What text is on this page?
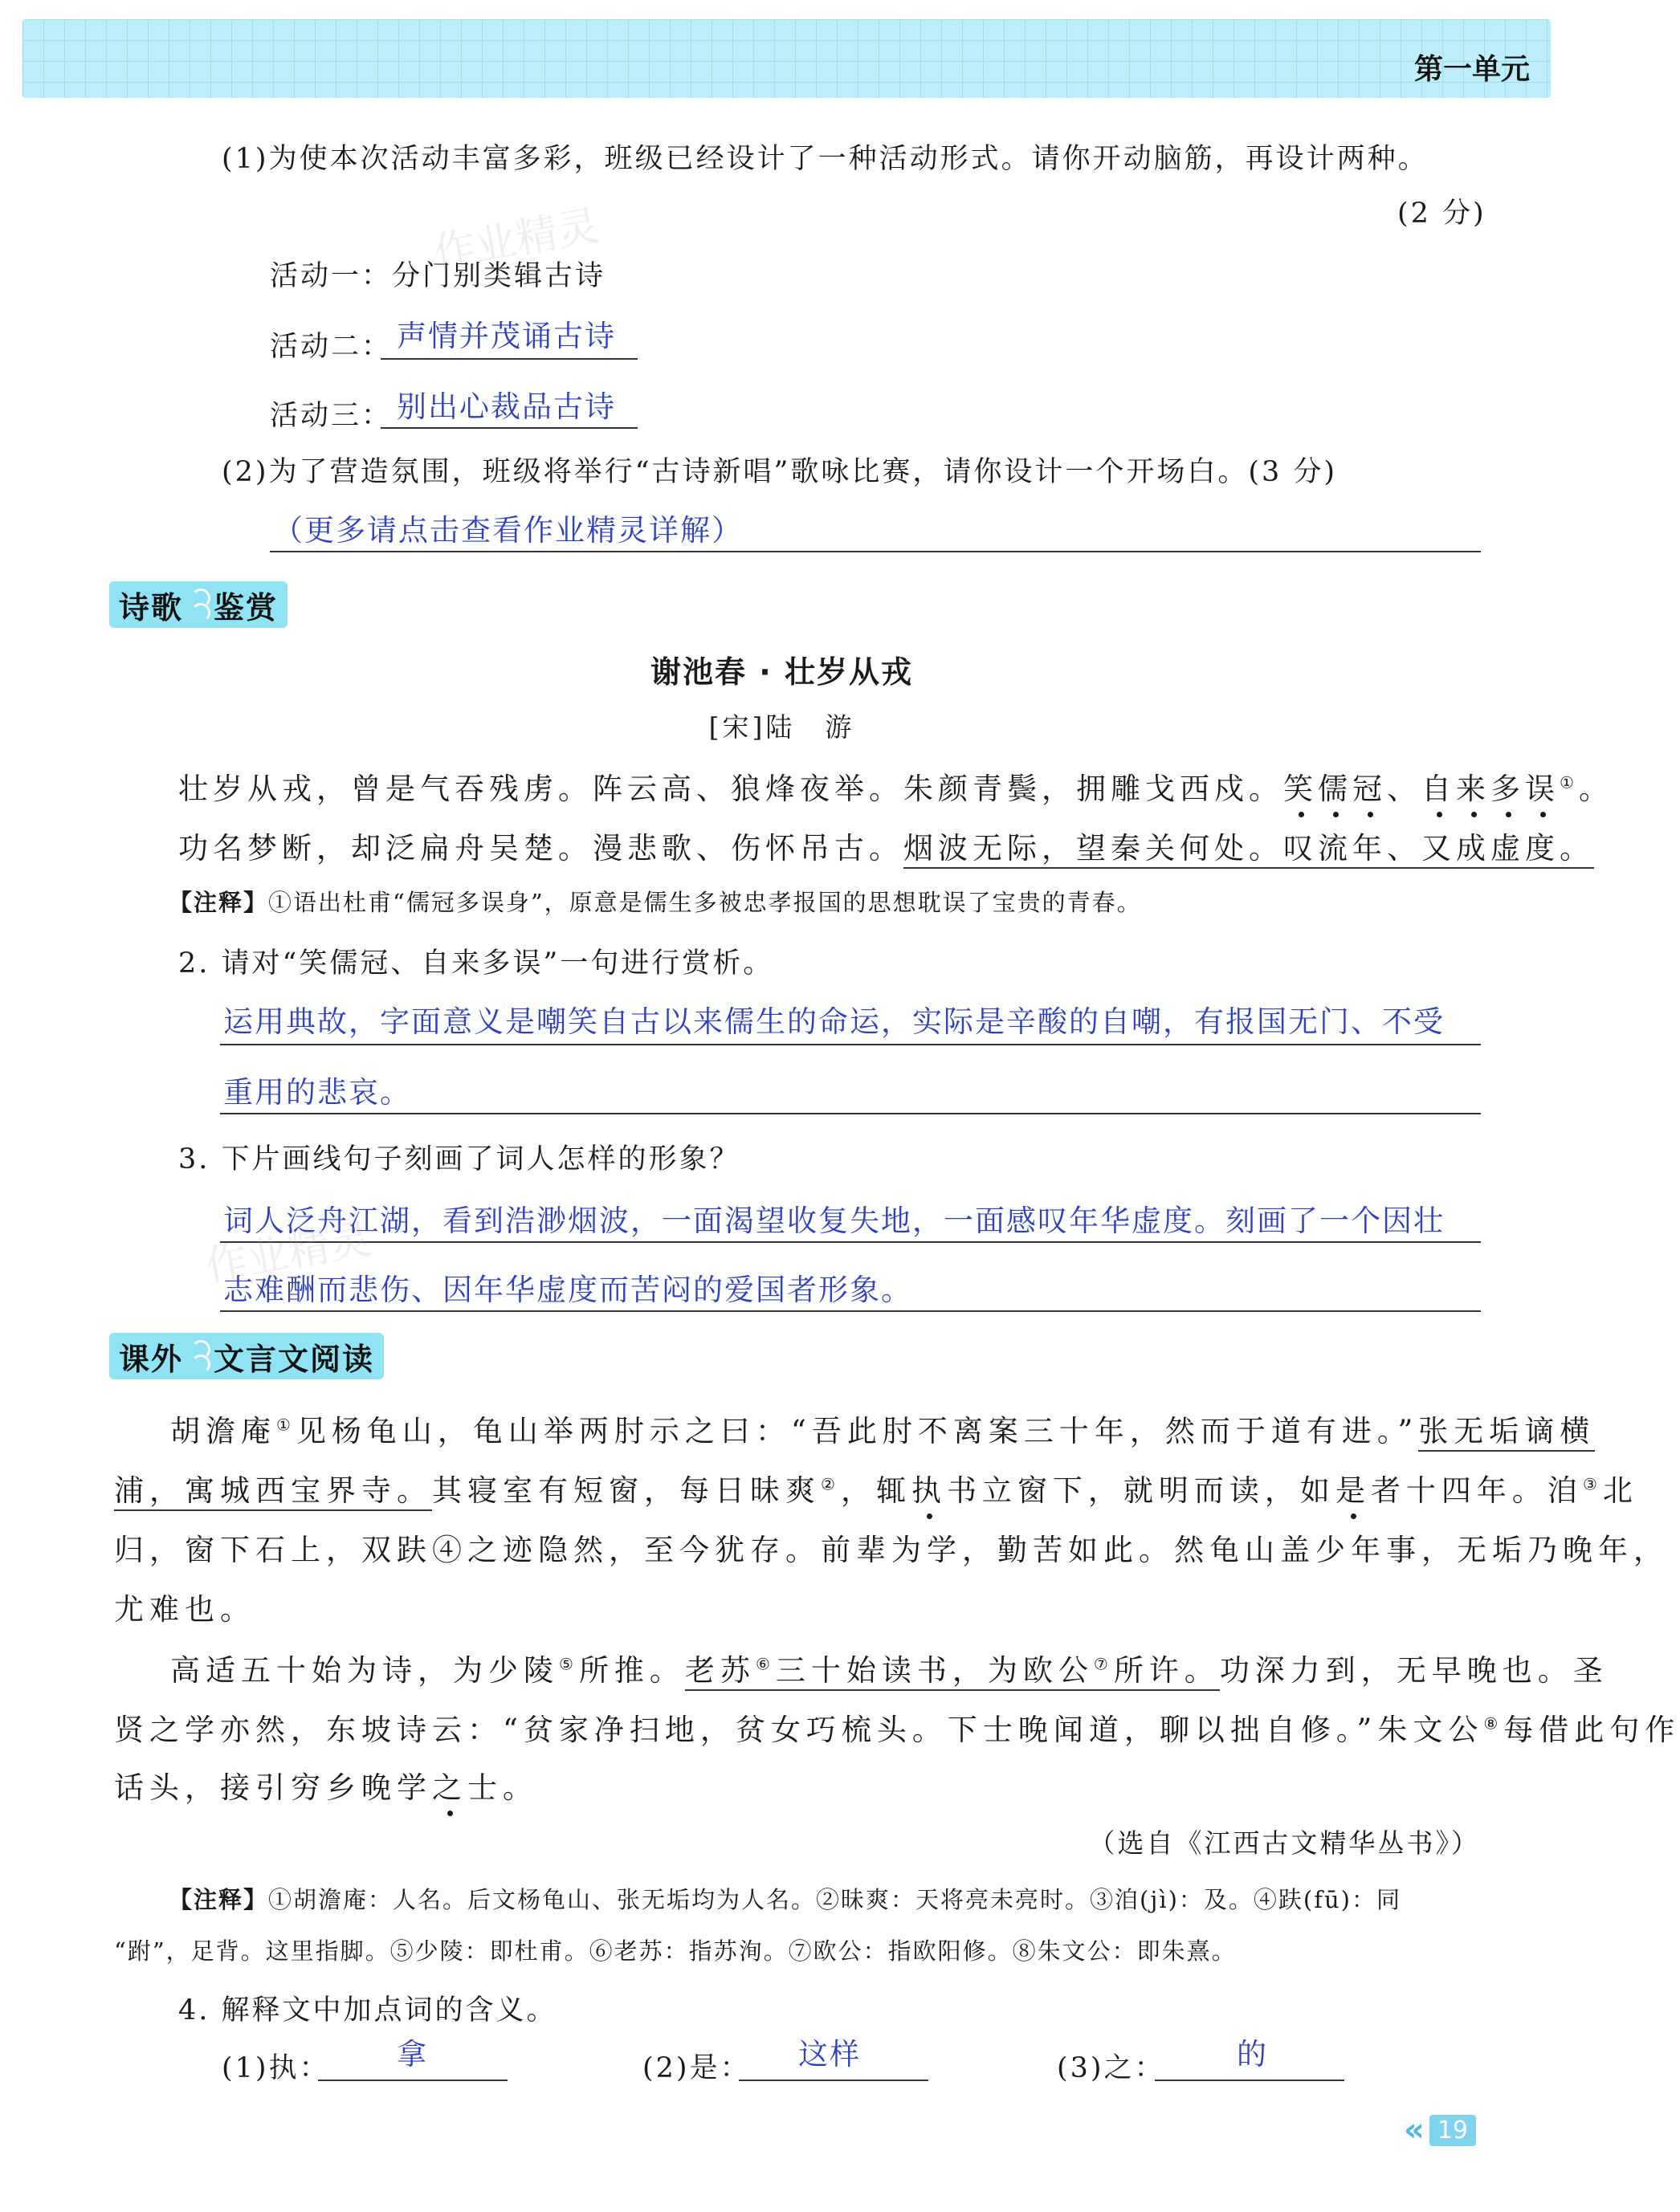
第一单元
(1)为使本次活动丰富多彩，班级已经设计了一种活动形式。请你开动脑筋，再设计两种。
(2 分)
活动一：分门别类辑古诗
活动二： 声情并茂诵古诗
活动三： 别出心裁品古诗
(2)为了营造氛围，班级将举行“古诗新唱”歌咏比赛，请你设计一个开场白。(3 分)
（更多请点击查看作业精灵详解）
诗歌 鉴赏
谢池春 · 壮岁从戎
[宋]陆　游
壮岁从戎，曾是气吞残虏。阵云高、狼烽夜举。朱颜青鬓，拥雕戈西戍。笑儒冠、自来多误①。
功名梦断，却泛扁舟吴楚。漫悲歌、伤怀吊古。烟波无际，望秦关何处。叹流年、又成虚度。
【注释】①语出杜甫“儒冠多误身”，原意是儒生多被忠孝报国的思想耽误了宝贵的青春。
2. 请对“笑儒冠、自来多误”一句进行赏析。
运用典故，字面意义是嘲笑自古以来儒生的命运，实际是辛酸的自嘲，有报国无门、不受
重用的悲哀。
3. 下片画线句子刻画了词人怎样的形象？
词人泛舟江湖，看到浩渺烟波，一面渴望收复失地，一面感叹年华虚度。刻画了一个因壮
志难酬而悲伤、因年华虚度而苦闷的爱国者形象。
课外 文言文阅读
胡澹庵①见杨龟山，龟山举两肘示之曰：“吾此肘不离案三十年，然而于道有进。”张无垢谪横
浦，寓城西宝界寺。其寝室有短窗，每日昧爽②，辄执书立窗下，就明而读，如是者十四年。洎③北
归，窗下石上，双趺④之迹隐然，至今犹存。前辈为学，勤苦如此。然龟山盖少年事，无垢乃晚年，
尤难也。
高适五十始为诗，为少陵⑤所推。老苏⑥三十始读书，为欧公⑦所许。功深力到，无早晚也。圣
贤之学亦然，东坡诗云：“贫家净扫地，贫女巧梳头。下士晚闻道，聊以拙自修。”朱文公⑧每借此句作
话头，接引穷乡晚学之士。
（选自《江西古文精华丛书》）
【注释】①胡澹庵：人名。后文杨龟山、张无垢均为人名。②昧爽：天将亮未亮时。③洎(jì)：及。④趺(fū)：同
“跗”，足背。这里指脚。⑤少陵：即杜甫。⑥老苏：指苏洵。⑦欧公：指欧阳修。⑧朱文公：即朱熹。
4. 解释文中加点词的含义。
(1)执： 拿	(2)是： 这样	(3)之： 的
« 19
作业精灵
作业精灵
